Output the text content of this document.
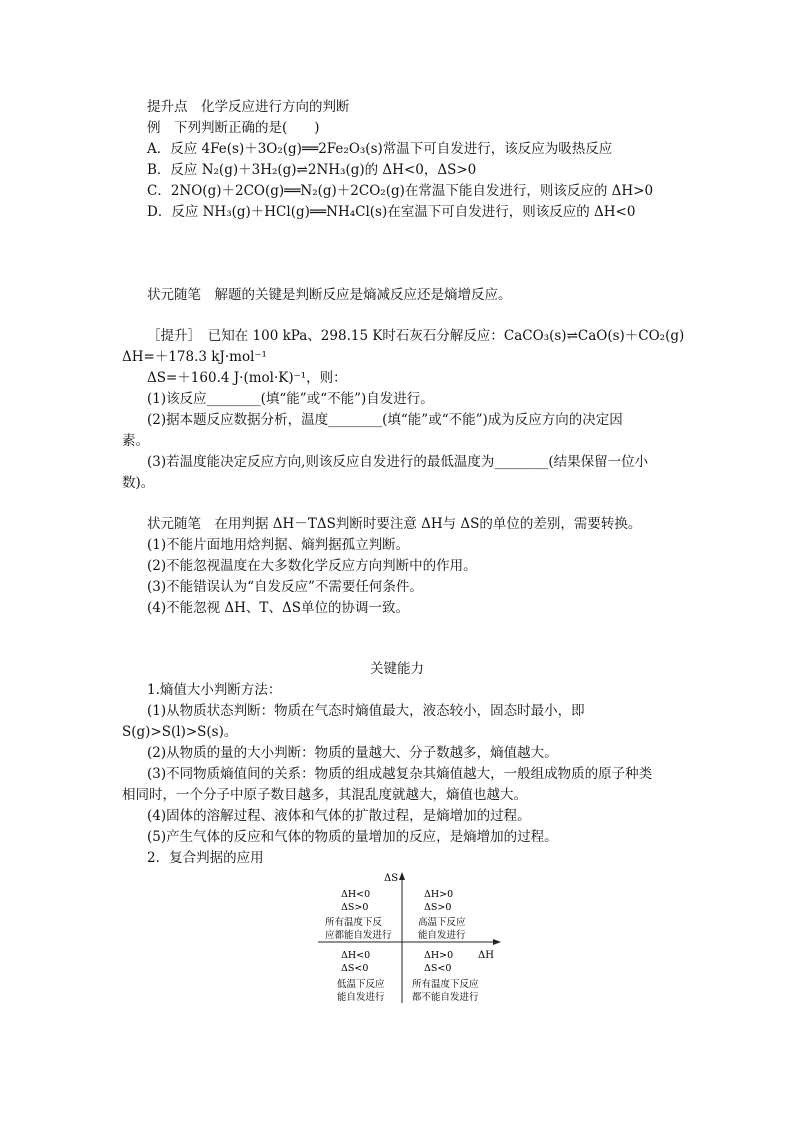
提升点　化学反应进行方向的判断
例　下列判断正确的是(　　)
A．反应 4Fe(s)＋3O₂(g)══2Fe₂O₃(s)常温下可自发进行，该反应为吸热反应
B．反应 N₂(g)＋3H₂(g)⇌2NH₃(g)的 ΔH<0，ΔS>0
C．2NO(g)＋2CO(g)══N₂(g)＋2CO₂(g)在常温下能自发进行，则该反应的 ΔH>0
D．反应 NH₃(g)＋HCl(g)══NH₄Cl(s)在室温下可自发进行，则该反应的 ΔH<0
状元随笔　解题的关键是判断反应是熵减反应还是熵增反应。
［提升］　已知在 100 kPa、298.15 K时石灰石分解反应：CaCO₃(s)⇌CaO(s)＋CO₂(g)
ΔH=＋178.3 kJ·mol⁻¹
ΔS=＋160.4 J·(mol·K)⁻¹，则：
(1)该反应________(填“能”或“不能”)自发进行。
(2)据本题反应数据分析，温度________(填“能”或“不能”)成为反应方向的决定因
素。
(3)若温度能决定反应方向,则该反应自发进行的最低温度为________(结果保留一位小
数)。
状元随笔　在用判据 ΔH－TΔS判断时要注意 ΔH与 ΔS的单位的差别，需要转换。
(1)不能片面地用焓判据、熵判据孤立判断。
(2)不能忽视温度在大多数化学反应方向判断中的作用。
(3)不能错误认为“自发反应”不需要任何条件。
(4)不能忽视 ΔH、T、ΔS单位的协调一致。
关键能力
1.熵值大小判断方法：
(1)从物质状态判断：物质在气态时熵值最大，液态较小，固态时最小，即
S(g)>S(l)>S(s)。
(2)从物质的量的大小判断：物质的量越大、分子数越多，熵值越大。
(3)不同物质熵值间的关系：物质的组成越复杂其熵值越大，一般组成物质的原子种类
相同时，一个分子中原子数目越多，其混乱度就越大，熵值也越大。
(4)固体的溶解过程、液体和气体的扩散过程，是熵增加的过程。
(5)产生气体的反应和气体的物质的量增加的反应，是熵增加的过程。
2．复合判据的应用
ΔS
ΔH
ΔH<0
ΔS>0
所有温度下反
应都能自发进行
ΔH>0
ΔS>0
高温下反应
能自发进行
ΔH<0
ΔS<0
低温下反应
能自发进行
ΔH>0
ΔS<0
所有温度下反应
都不能自发进行
